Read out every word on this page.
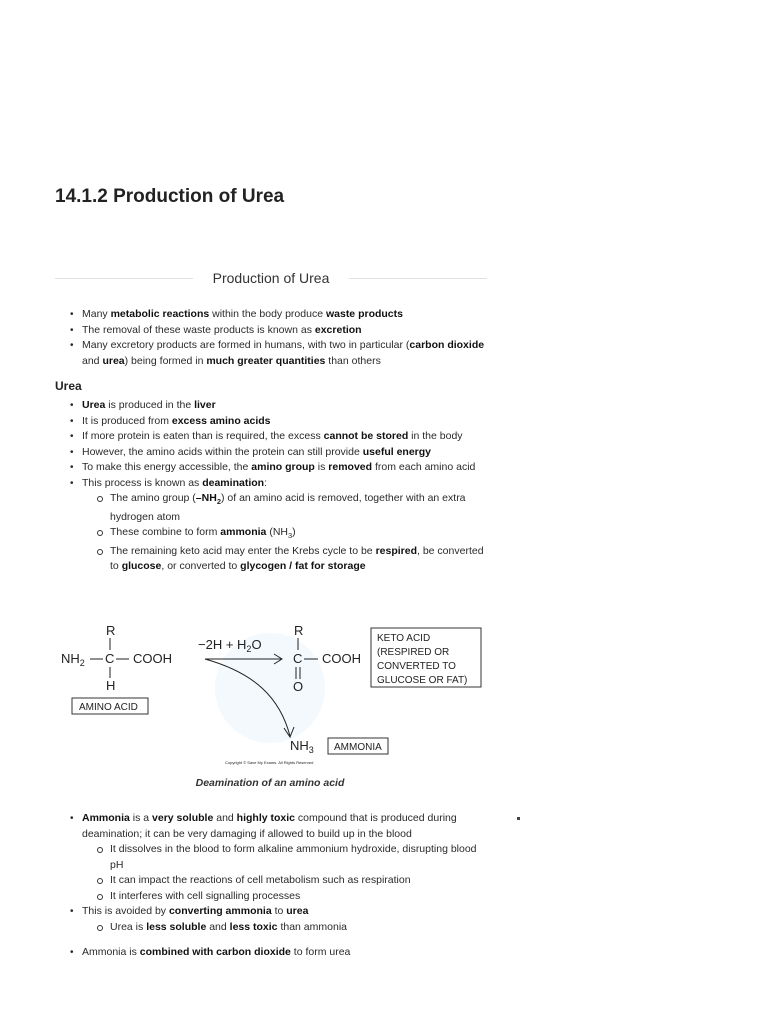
14.1.2 Production of Urea
Production of Urea
• Many metabolic reactions within the body produce waste products
• The removal of these waste products is known as excretion
• Many excretory products are formed in humans, with two in particular (carbon dioxide and urea) being formed in much greater quantities than others
Urea
• Urea is produced in the liver
• It is produced from excess amino acids
• If more protein is eaten than is required, the excess cannot be stored in the body
• However, the amino acids within the protein can still provide useful energy
• To make this energy accessible, the amino group is removed from each amino acid
• This process is known as deamination:
The amino group $(-NH_2)$ of an amino acid is removed, together with an extra hydrogen atom
These combine to form ammonia $(NH_3)$
The remaining keto acid may enter the Krebs cycle to be respired, be converted to glucose, or converted to glycogen / fat for storage
R
$NH_2$ C COOH
H
AMINO ACID
$-2H + H_2O$
R
C COOH
O
KETO ACID
(RESPIRED OR
CONVERTED TO
GLUCOSE OR FAT)
$NH_3$ AMMONIA
Copyright © Save My Exams. All Rights Reserved
Deamination of an amino acid
• Ammonia is a very soluble and highly toxic compound that is produced during deamination; it can be very damaging if allowed to build up in the blood
It dissolves in the blood to form alkaline ammonium hydroxide, disrupting blood pH
It can impact the reactions of cell metabolism such as respiration
It interferes with cell signalling processes
• This is avoided by converting ammonia to urea
Urea is less soluble and less toxic than ammonia
• Ammonia is combined with carbon dioxide to form urea
